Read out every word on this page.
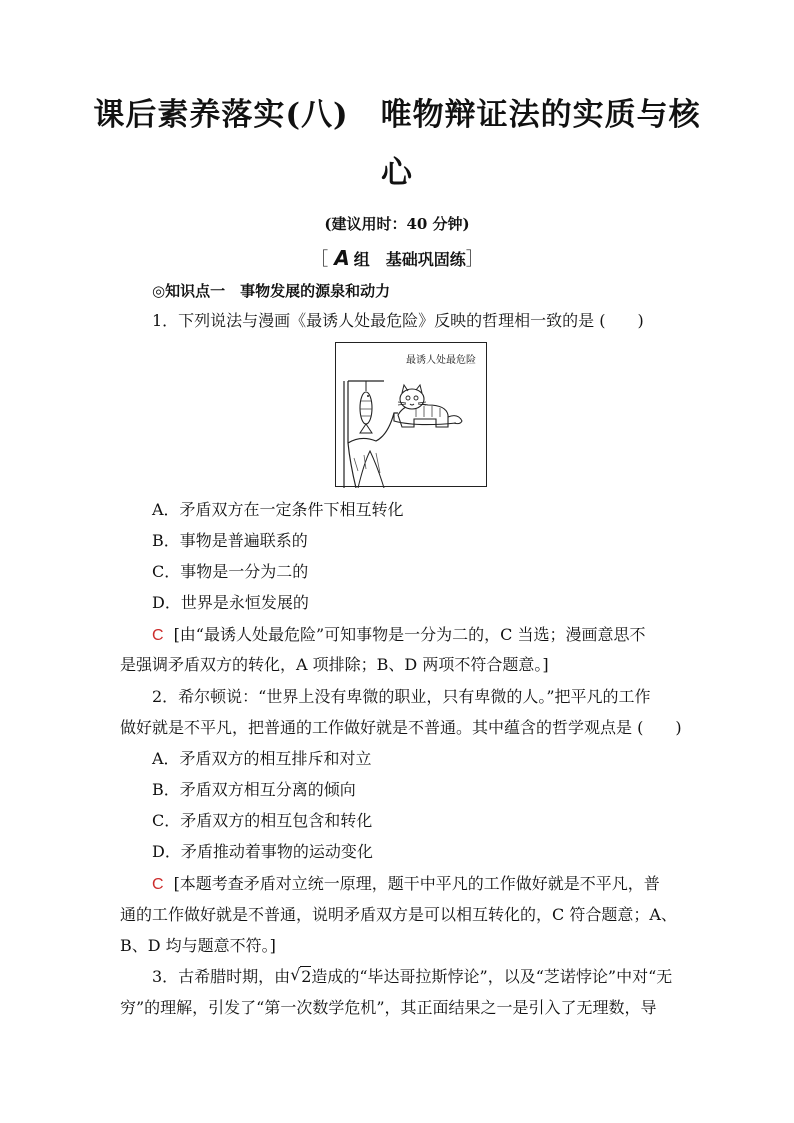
课后素养落实(八)　唯物辩证法的实质与核
心
(建议用时：40 分钟)
［ A 组　基础巩固练］
◎知识点一　事物发展的源泉和动力
1．下列说法与漫画《最诱人处最危险》反映的哲理相一致的是 (　　)
最诱人处最危险
A．矛盾双方在一定条件下相互转化
B．事物是普遍联系的
C．事物是一分为二的
D．世界是永恒发展的
C [由“最诱人处最危险”可知事物是一分为二的，C 当选；漫画意思不
是强调矛盾双方的转化，A 项排除；B、D 两项不符合题意。]
2．希尔顿说：“世界上没有卑微的职业，只有卑微的人。”把平凡的工作
做好就是不平凡，把普通的工作做好就是不普通。其中蕴含的哲学观点是 (　　)
A．矛盾双方的相互排斥和对立
B．矛盾双方相互分离的倾向
C．矛盾双方的相互包含和转化
D．矛盾推动着事物的运动变化
C [本题考查矛盾对立统一原理，题干中平凡的工作做好就是不平凡，普
通的工作做好就是不普通，说明矛盾双方是可以相互转化的，C 符合题意；A、
B、D 均与题意不符。]
3．古希腊时期，由 √ 2造成的“毕达哥拉斯悖论”，以及“芝诺悖论”中对“无
穷”的理解，引发了“第一次数学危机”，其正面结果之一是引入了无理数，导
